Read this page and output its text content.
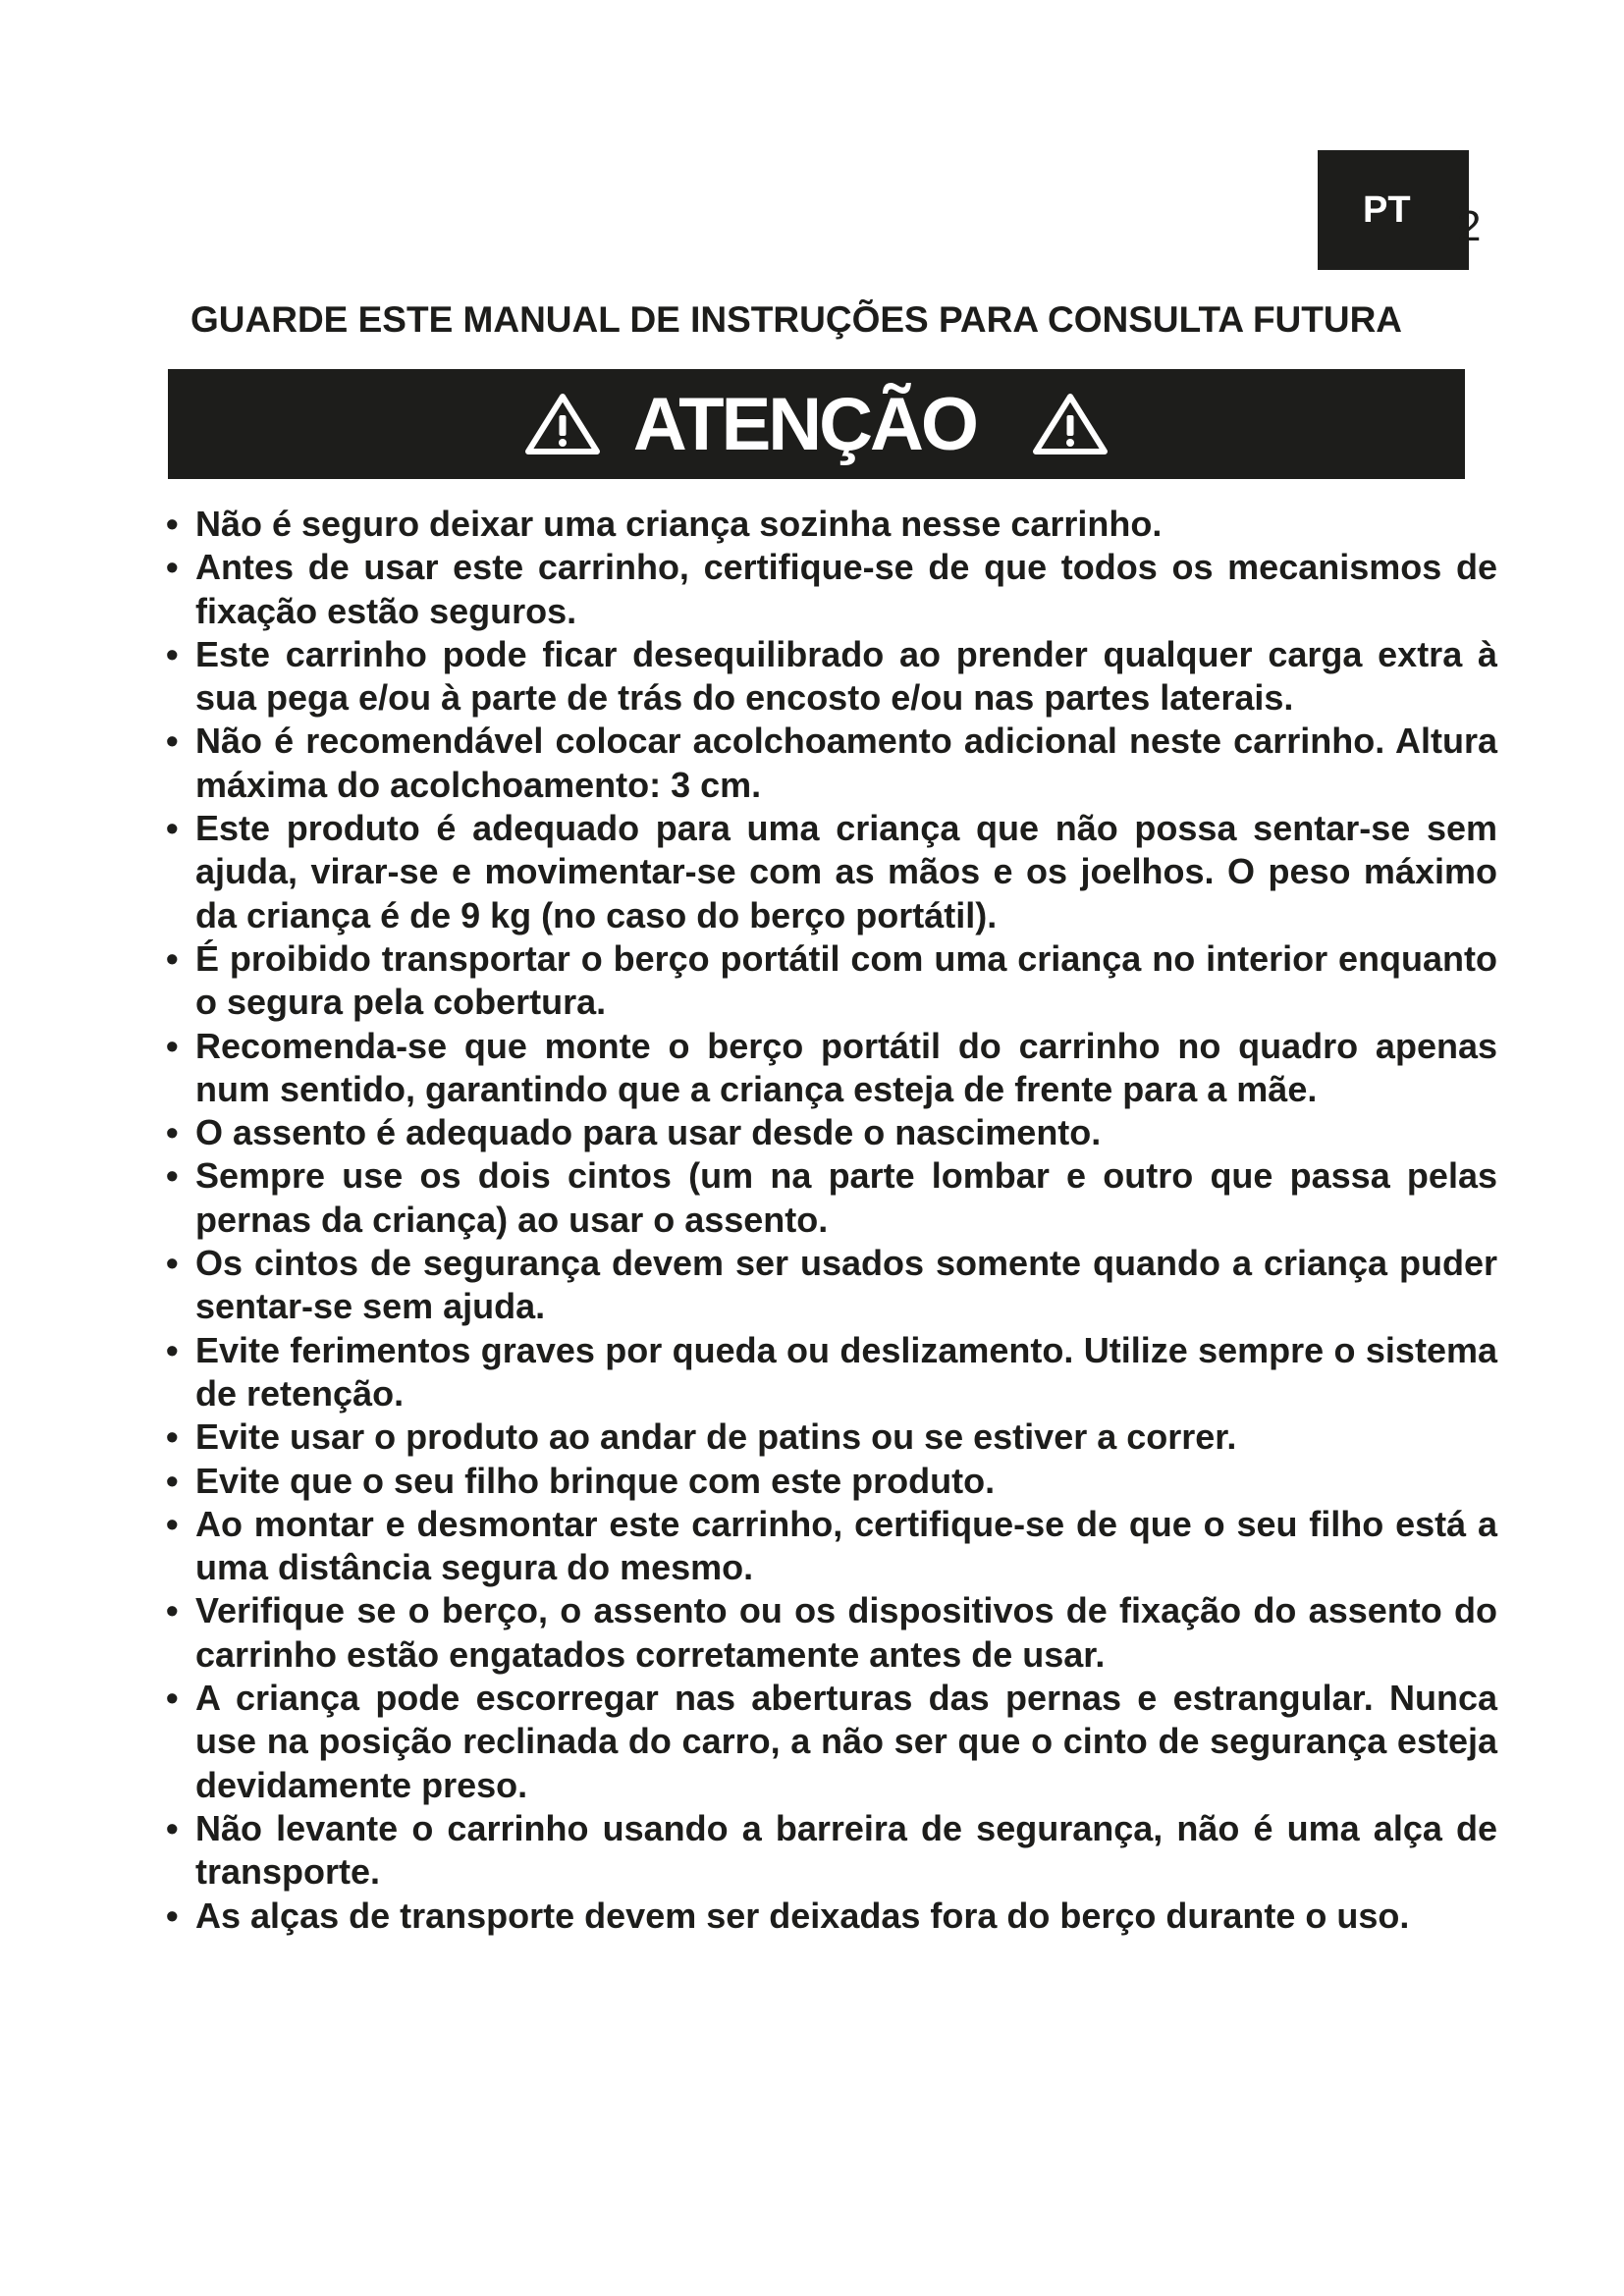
PT 2
GUARDE ESTE MANUAL DE INSTRUÇÕES PARA CONSULTA FUTURA
ATENÇÃO
• Não é seguro deixar uma criança sozinha nesse carrinho.
• Antes de usar este carrinho, certifique-se de que todos os mecanismos de fixação estão seguros.
• Este carrinho pode ficar desequilibrado ao prender qualquer carga extra à sua pega e/ou à parte de trás do encosto e/ou nas partes laterais.
• Não é recomendável colocar acolchoamento adicional neste carrinho. Altura máxima do acolchoamento: 3 cm.
• Este produto é adequado para uma criança que não possa sentar-se sem ajuda, virar-se e movimentar-se com as mãos e os joelhos. O peso máximo da criança é de 9 kg (no caso do berço portátil).
• É proibido transportar o berço portátil com uma criança no interior enquanto o segura pela cobertura.
• Recomenda-se que monte o berço portátil do carrinho no quadro apenas num sentido, garantindo que a criança esteja de frente para a mãe.
• O assento é adequado para usar desde o nascimento.
• Sempre use os dois cintos (um na parte lombar e outro que passa pelas pernas da criança) ao usar o assento.
• Os cintos de segurança devem ser usados somente quando a criança puder sentar-se sem ajuda.
• Evite ferimentos graves por queda ou deslizamento. Utilize sempre o sistema de retenção.
• Evite usar o produto ao andar de patins ou se estiver a correr.
• Evite que o seu filho brinque com este produto.
• Ao montar e desmontar este carrinho, certifique-se de que o seu filho está a uma distância segura do mesmo.
• Verifique se o berço, o assento ou os dispositivos de fixação do assento do carrinho estão engatados corretamente antes de usar.
• A criança pode escorregar nas aberturas das pernas e estrangular. Nunca use na posição reclinada do carro, a não ser que o cinto de segurança esteja devidamente preso.
• Não levante o carrinho usando a barreira de segurança, não é uma alça de transporte.
• As alças de transporte devem ser deixadas fora do berço durante o uso.
